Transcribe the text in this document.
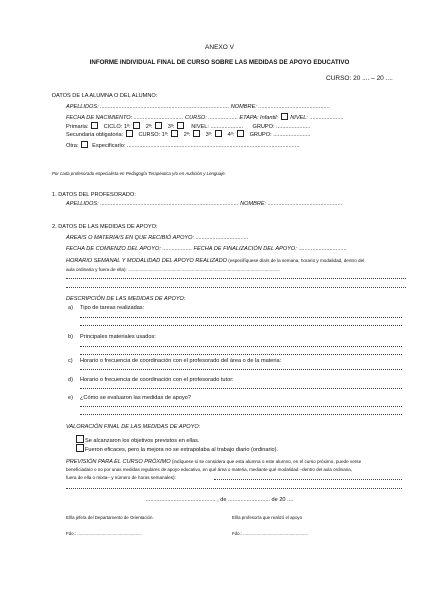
ANEXO V
INFORME INDIVIDUAL FINAL DE CURSO SOBRE LAS MEDIDAS DE APOYO EDUCATIVO
CURSO: 20 .... – 20 ....
DATOS DE LA ALUMNA O DEL ALUMNO:
APELLIDOS: ................................................................................... NOMBRE: ..............................................
FECHA DE NACIMIENTO: ................................ CURSO: ................... ETAPA: Infantil: NIVEL: ......................
Primaria:	CICLO: 1º:	2º:	3º:	NIVEL: ..................... GRUPO: ......................
Secundaria obligatoria:	CURSO: 1º:	2º:	3º:	4º:	GRUPO: ........................
Otra: Especificarlo: ...............................................................................................................
Por cada profesorado especialista en Pedagogía Terapéutica y/o en Audición y Lenguaje.
1. DATOS DEL PROFESORADO:
APELLIDOS: ......................................................................................... NOMBRE: ................................................
2. DATOS DE LAS MEDIDAS DE APOYO:
ÁREA/S O MATERIA/S EN QUE RECIBIÓ APOYO: ..................................
FECHA DE COMIENZO DEL APOYO: ................... FECHA DE FINALIZACIÓN DEL APOYO: ...............................
HORARIO SEMANAL Y MODALIDAD DEL APOYO REALIZADO (especifíquese día/s de la semana, horario y modalidad, dentro del
aula ordinaria y fuera de ella): .......................................................................................................................
DESCRIPCIÓN DE LAS MEDIDAS DE APOYO:
a) Tipo de tareas realizadas:
b) Principales materiales usados:
c) Horario o frecuencia de coordinación con el profesorado del área o de la materia:
d) Horario o frecuencia de coordinación con el profesorado tutor:
e) ¿Cómo se evaluaron las medidas de apoyo?
VALORACIÓN FINAL DE LAS MEDIDAS DE APOYO:
Se alcanzaron los objetivos previstos en ellas.
Fueron eficaces, pero la mejora no se extrapolaba al trabajo diario (ordinario).
PREVISIÓN PARA EL CURSO PRÓXIMO (indíquese si se considera que esta alumna o este alumno, en el curso próximo, puede verse
beneficiada/o o no por unas medidas regulares de apoyo educativo, en qué área o materia, mediante qué modalidad –dentro del aula ordinaria,
fuera de ella o mixta– y número de horas semanales):
............................................. , de ........................... de 20 ....
El/la jefe/a del Departamento de Orientación.	El/la profesor/a que realizó el apoyo
Fdo.: .....................................................	Fdo.: .....................................................
